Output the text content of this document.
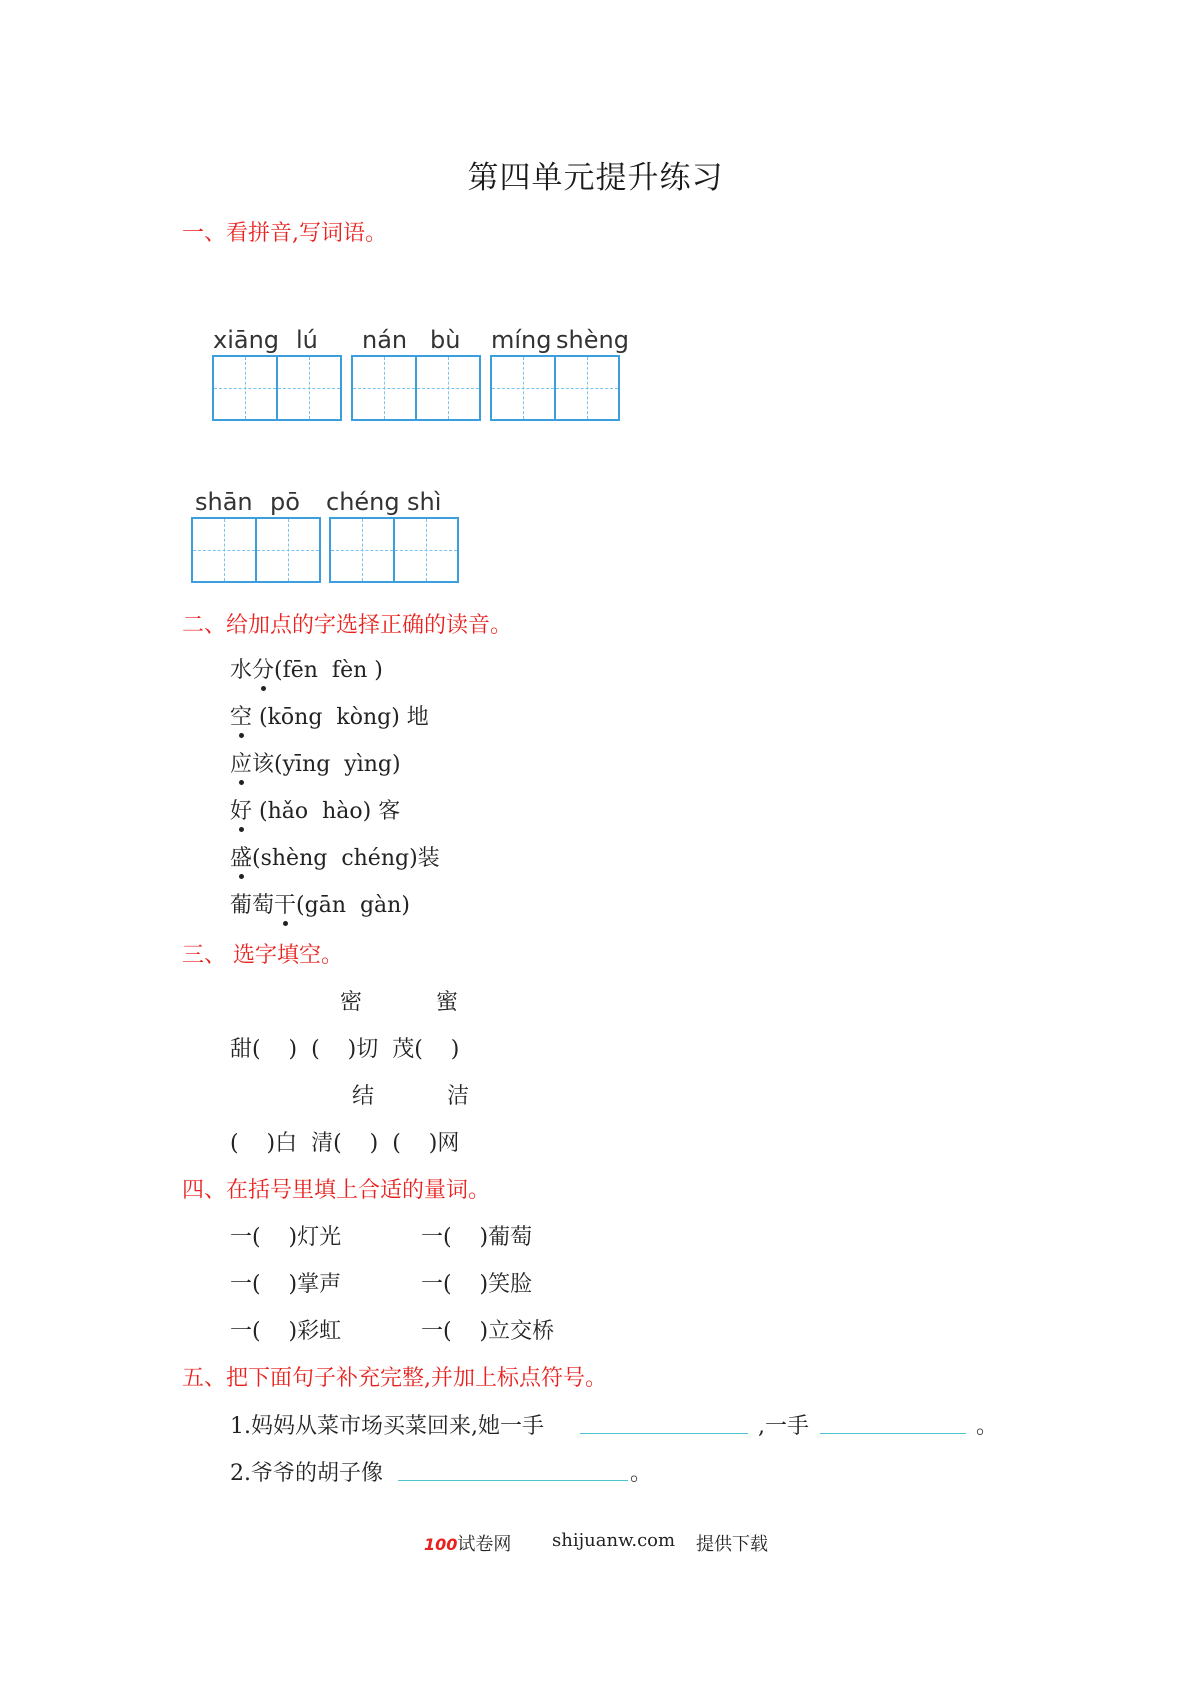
第四单元提升练习
一、看拼音,写词语。
xiāng lú nán bù míng shèng
shān pō chéng shì
二、给加点的字选择正确的读音。
水分(fēn  fèn )
空 (kōng  kòng) 地
应该(yīng  yìng)
好 (hǎo  hào) 客
盛(shèng  chéng)装
葡萄干(gān  gàn)
三、 选字填空。
密	蜜
甜(    )  (    )切  茂(    )
结	洁
(    )白  清(    )  (    )网
四、在括号里填上合适的量词。
一(    )灯光	一(    )葡萄
一(    )掌声	一(    )笑脸
一(    )彩虹	一(    )立交桥
五、把下面句子补充完整,并加上标点符号。
1.妈妈从菜市场买菜回来,她一手	,一手	。
2.爷爷的胡子像	。
100试卷网 shijuanw.com 提供下载
